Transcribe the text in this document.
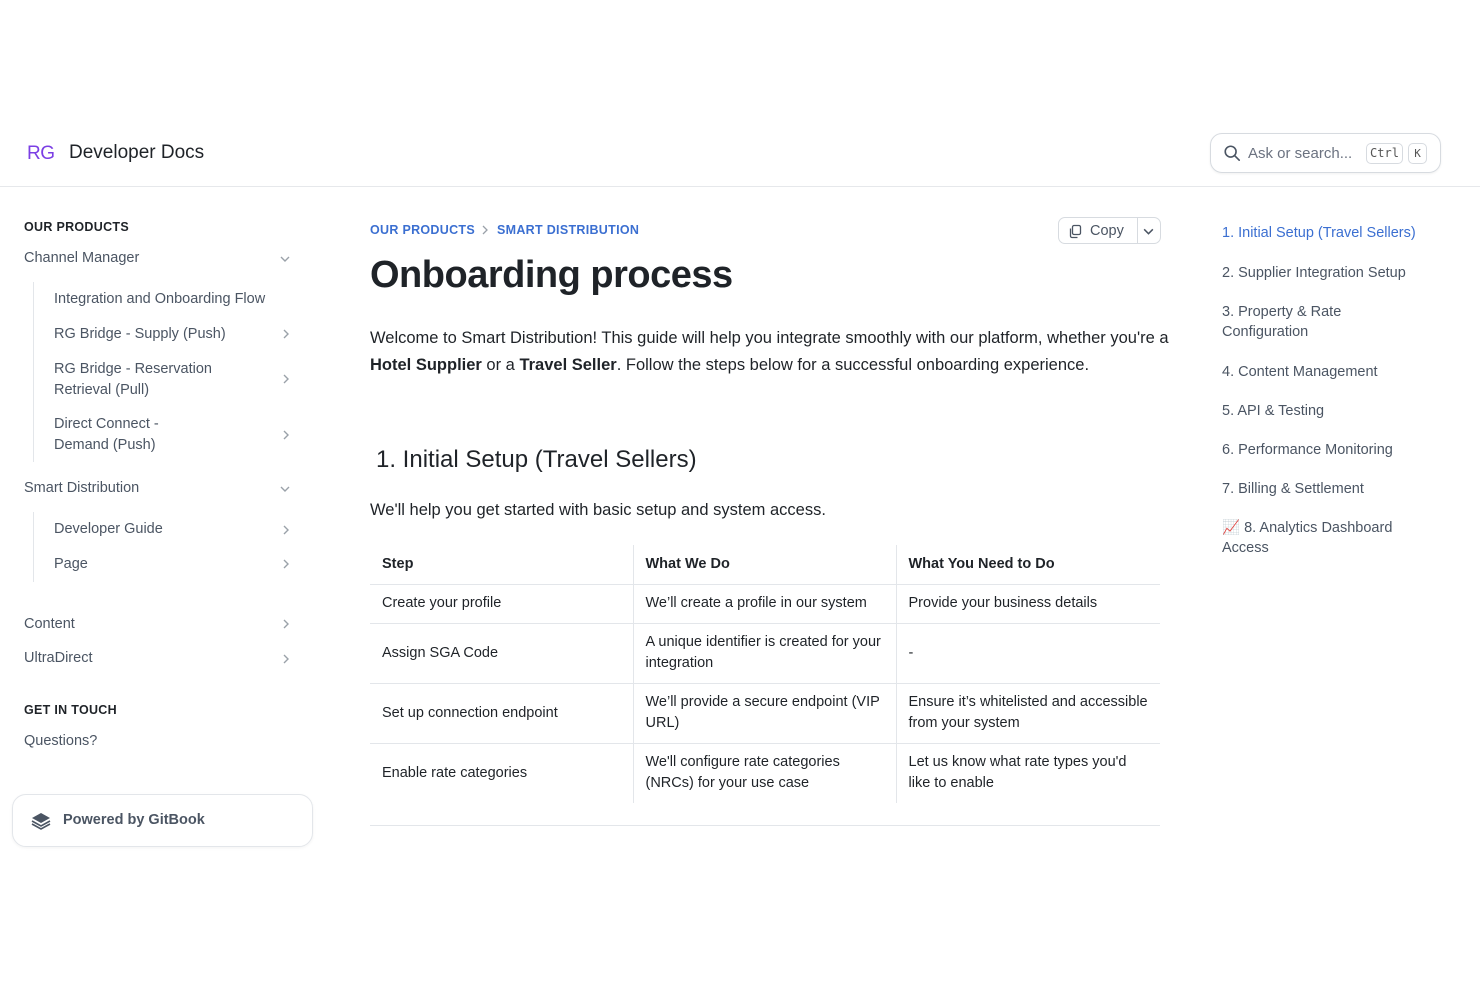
RG Developer Docs	Ask or search...	Ctrl	K
OUR PRODUCTS
Channel Manager
Integration and Onboarding Flow
RG Bridge - Supply (Push)
RG Bridge - Reservation Retrieval (Pull)
Direct Connect - Demand (Push)
Smart Distribution
Developer Guide
Page
Content
UltraDirect
GET IN TOUCH
Questions?
Powered by GitBook
OUR PRODUCTS SMART DISTRIBUTION	Copy
Onboarding process

Welcome to Smart Distribution! This guide will help you integrate smoothly with our platform, whether you're a Hotel Supplier or a Travel Seller. Follow the steps below for a successful onboarding experience.

1. Initial Setup (Travel Sellers)

We'll help you get started with basic setup and system access.

Step	What We Do	What You Need to Do
Create your profile	We’ll create a profile in our system	Provide your business details
Assign SGA Code	A unique identifier is created for your integration	-
Set up connection endpoint	We’ll provide a secure endpoint (VIP URL)	Ensure it’s whitelisted and accessible from your system
Enable rate categories	We'll configure rate categories (NRCs) for your use case	Let us know what rate types you'd like to enable
1. Initial Setup (Travel Sellers)
2. Supplier Integration Setup
3. Property & Rate Configuration
4. Content Management
5. API & Testing
6. Performance Monitoring
7. Billing & Settlement
📈 8. Analytics Dashboard Access
